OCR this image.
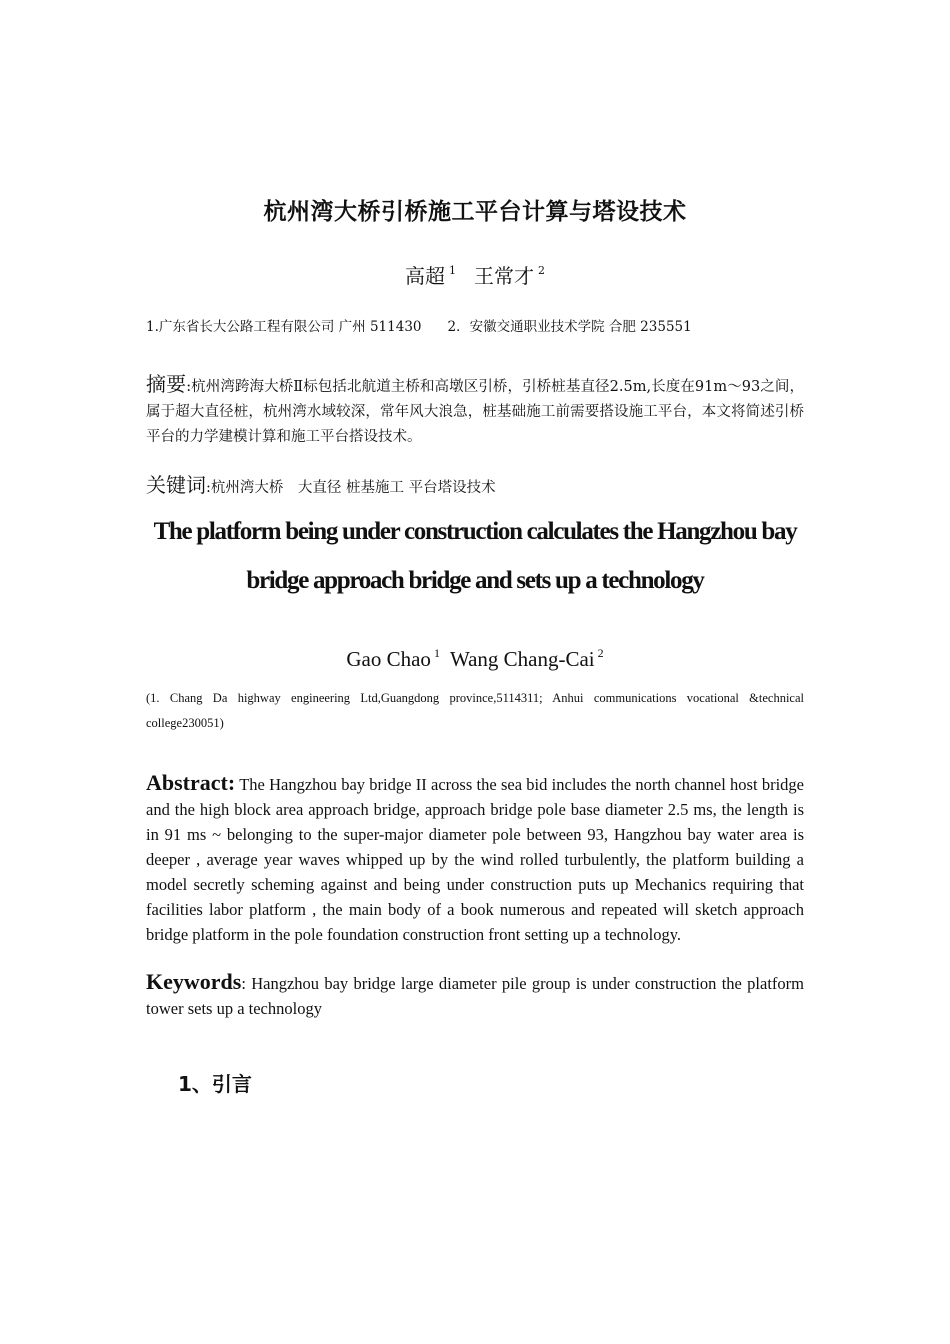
杭州湾大桥引桥施工平台计算与塔设技术
高超 $^1$ 王常才 $^2$
1.广东省长大公路工程有限公司 广州 511430 2．安徽交通职业技术学院 合肥 235551
摘要:杭州湾跨海大桥Ⅱ标包括北航道主桥和高墩区引桥，引桥桩基直径2.5m,长度在91m～93之间，属于超大直径桩，杭州湾水域较深，常年风大浪急，桩基础施工前需要搭设施工平台，本文将简述引桥平台的力学建模计算和施工平台搭设技术。
关键词:杭州湾大桥　大直径 桩基施工 平台塔设技术
The platform being under construction calculates the Hangzhou bay
bridge approach bridge and sets up a technology
Gao Chao $^1$ Wang Chang-Cai $^2$
(1. Chang Da highway engineering Ltd,Guangdong province,5114311; Anhui communications vocational &technical college230051)
Abstract: The Hangzhou bay bridge II across the sea bid includes the north channel host bridge and the high block area approach bridge, approach bridge pole base diameter 2.5 ms, the length is in 91 ms ~ belonging to the super-major diameter pole between 93, Hangzhou bay water area is deeper , average year waves whipped up by the wind rolled turbulently, the platform building a model secretly scheming against and being under construction puts up Mechanics requiring that facilities labor platform , the main body of a book numerous and repeated will sketch approach bridge platform in the pole foundation construction front setting up a technology.
Keywords: Hangzhou bay bridge large diameter pile group is under construction the platform tower sets up a technology
1、引言
